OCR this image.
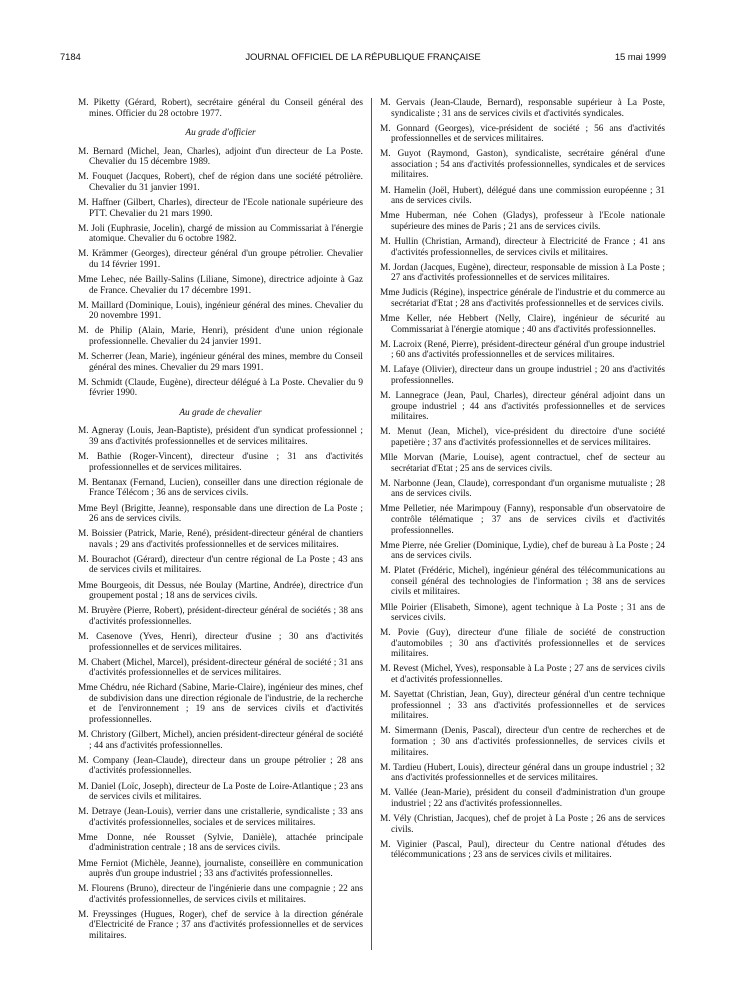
7184	JOURNAL OFFICIEL DE LA RÉPUBLIQUE FRANÇAISE	15 mai 1999

M. Piketty (Gérard, Robert), secrétaire général du Conseil général des mines. Officier du 28 octobre 1977.

Au grade d'officier

M. Bernard (Michel, Jean, Charles), adjoint d'un directeur de La Poste. Chevalier du 15 décembre 1989.

M. Fouquet (Jacques, Robert), chef de région dans une société pétrolière. Chevalier du 31 janvier 1991.

M. Haffner (Gilbert, Charles), directeur de l'Ecole nationale supérieure des PTT. Chevalier du 21 mars 1990.

M. Joli (Euphrasie, Jocelin), chargé de mission au Commissariat à l'énergie atomique. Chevalier du 6 octobre 1982.

M. Krämmer (Georges), directeur général d'un groupe pétrolier. Chevalier du 14 février 1991.

Mme Lehec, née Bailly-Salins (Liliane, Simone), directrice adjointe à Gaz de France. Chevalier du 17 décembre 1991.

M. Maillard (Dominique, Louis), ingénieur général des mines. Chevalier du 20 novembre 1991.

M. de Philip (Alain, Marie, Henri), président d'une union régionale professionnelle. Chevalier du 24 janvier 1991.

M. Scherrer (Jean, Marie), ingénieur général des mines, membre du Conseil général des mines. Chevalier du 29 mars 1991.

M. Schmidt (Claude, Eugène), directeur délégué à La Poste. Chevalier du 9 février 1990.

Au grade de chevalier

M. Agneray (Louis, Jean-Baptiste), président d'un syndicat professionnel ; 39 ans d'activités professionnelles et de services militaires.

M. Bathie (Roger-Vincent), directeur d'usine ; 31 ans d'activités professionnelles et de services militaires.

M. Bentanax (Fernand, Lucien), conseiller dans une direction régionale de France Télécom ; 36 ans de services civils.

Mme Beyl (Brigitte, Jeanne), responsable dans une direction de La Poste ; 26 ans de services civils.

M. Boissier (Patrick, Marie, René), président-directeur général de chantiers navals ; 29 ans d'activités professionnelles et de services militaires.

M. Bourachot (Gérard), directeur d'un centre régional de La Poste ; 43 ans de services civils et militaires.

Mme Bourgeois, dit Dessus, née Boulay (Martine, Andrée), directrice d'un groupement postal ; 18 ans de services civils.

M. Bruyère (Pierre, Robert), président-directeur général de sociétés ; 38 ans d'activités professionnelles.

M. Casenove (Yves, Henri), directeur d'usine ; 30 ans d'activités professionnelles et de services militaires.

M. Chabert (Michel, Marcel), président-directeur général de société ; 31 ans d'activités professionnelles et de services militaires.

Mme Chédru, née Richard (Sabine, Marie-Claire), ingénieur des mines, chef de subdivision dans une direction régionale de l'industrie, de la recherche et de l'environnement ; 19 ans de services civils et d'activités professionnelles.

M. Christory (Gilbert, Michel), ancien président-directeur général de société ; 44 ans d'activités professionnelles.

M. Company (Jean-Claude), directeur dans un groupe pétrolier ; 28 ans d'activités professionnelles.

M. Daniel (Loïc, Joseph), directeur de La Poste de Loire-Atlantique ; 23 ans de services civils et militaires.

M. Detraye (Jean-Louis), verrier dans une cristallerie, syndicaliste ; 33 ans d'activités professionnelles, sociales et de services militaires.

Mme Donne, née Rousset (Sylvie, Danièle), attachée principale d'administration centrale ; 18 ans de services civils.

Mme Ferniot (Michèle, Jeanne), journaliste, conseillère en communication auprès d'un groupe industriel ; 33 ans d'activités professionnelles.

M. Flourens (Bruno), directeur de l'ingénierie dans une compagnie ; 22 ans d'activités professionnelles, de services civils et militaires.

M. Freyssinges (Hugues, Roger), chef de service à la direction générale d'Electricité de France ; 37 ans d'activités professionnelles et de services militaires.

M. Gervais (Jean-Claude, Bernard), responsable supérieur à La Poste, syndicaliste ; 31 ans de services civils et d'activités syndicales.

M. Gonnard (Georges), vice-président de société ; 56 ans d'activités professionnelles et de services militaires.

M. Guyot (Raymond, Gaston), syndicaliste, secrétaire général d'une association ; 54 ans d'activités professionnelles, syndicales et de services militaires.

M. Hamelin (Joël, Hubert), délégué dans une commission européenne ; 31 ans de services civils.

Mme Huberman, née Cohen (Gladys), professeur à l'Ecole nationale supérieure des mines de Paris ; 21 ans de services civils.

M. Hullin (Christian, Armand), directeur à Electricité de France ; 41 ans d'activités professionnelles, de services civils et militaires.

M. Jordan (Jacques, Eugène), directeur, responsable de mission à La Poste ; 27 ans d'activités professionnelles et de services militaires.

Mme Judicis (Régine), inspectrice générale de l'industrie et du commerce au secrétariat d'Etat ; 28 ans d'activités professionnelles et de services civils.

Mme Keller, née Hebbert (Nelly, Claire), ingénieur de sécurité au Commissariat à l'énergie atomique ; 40 ans d'activités professionnelles.

M. Lacroix (René, Pierre), président-directeur général d'un groupe industriel ; 60 ans d'activités professionnelles et de services militaires.

M. Lafaye (Olivier), directeur dans un groupe industriel ; 20 ans d'activités professionnelles.

M. Lannegrace (Jean, Paul, Charles), directeur général adjoint dans un groupe industriel ; 44 ans d'activités professionnelles et de services militaires.

M. Menut (Jean, Michel), vice-président du directoire d'une société papetière ; 37 ans d'activités professionnelles et de services militaires.

Mlle Morvan (Marie, Louise), agent contractuel, chef de secteur au secrétariat d'Etat ; 25 ans de services civils.

M. Narbonne (Jean, Claude), correspondant d'un organisme mutualiste ; 28 ans de services civils.

Mme Pelletier, née Marimpouy (Fanny), responsable d'un observatoire de contrôle télématique ; 37 ans de services civils et d'activités professionnelles.

Mme Pierre, née Grelier (Dominique, Lydie), chef de bureau à La Poste ; 24 ans de services civils.

M. Platet (Frédéric, Michel), ingénieur général des télécommunications au conseil général des technologies de l'information ; 38 ans de services civils et militaires.

Mlle Poirier (Elisabeth, Simone), agent technique à La Poste ; 31 ans de services civils.

M. Povie (Guy), directeur d'une filiale de société de construction d'automobiles ; 30 ans d'activités professionnelles et de services militaires.

M. Revest (Michel, Yves), responsable à La Poste ; 27 ans de services civils et d'activités professionnelles.

M. Sayettat (Christian, Jean, Guy), directeur général d'un centre technique professionnel ; 33 ans d'activités professionnelles et de services militaires.

M. Simermann (Denis, Pascal), directeur d'un centre de recherches et de formation ; 30 ans d'activités professionnelles, de services civils et militaires.

M. Tardieu (Hubert, Louis), directeur général dans un groupe industriel ; 32 ans d'activités professionnelles et de services militaires.

M. Vallée (Jean-Marie), président du conseil d'administration d'un groupe industriel ; 22 ans d'activités professionnelles.

M. Vély (Christian, Jacques), chef de projet à La Poste ; 26 ans de services civils.

M. Viginier (Pascal, Paul), directeur du Centre national d'études des télécommunications ; 23 ans de services civils et militaires.
